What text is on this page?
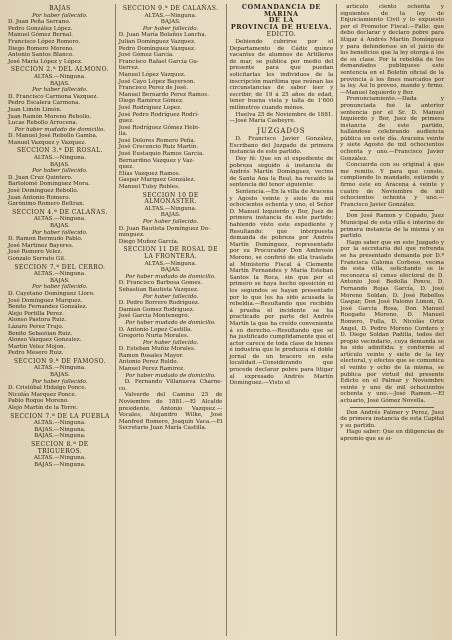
BAJAS
Por haber fallecido.
D. Juan Peña Serrano.
Pedro González López.
Manuel Gómez Bernal.
Francisco López Romero.
Diego Romero Moreno.
Antonio Santos Blanco.
José María López y López.
SECCION 2.ª DEL ALMONO.
ALTAS.—Ninguna.
BAJAS.
Por haber fallecido.
D. Francisco Carmona Vazquez.
Pedro Escalera Carmona.
Juan Limón Limón.
Juan Ramón Moreno Rebollo.
Lucas Rebollo Arrocena.
Por haber mudado de domicilio.
D. Manuel José Rebollo Gamba.
Manuel Vazquez y Vazquez.
SECCION 3.ª DE ROSAL.
ALTAS.—Ninguna.
BAJAS.
Por haber fallecido.
D. Juan Cruz Quintero.
Bartolomé Domínguez Mora.
José Domínguez Rebollo.
Juan Antonio Romero.
Gerónimo Romero Beltran.
SECCION 4.ª DE CALAÑAS.
ALTAS.—Ninguna.
BAJAS.
Por haber fallecido.
D. Ramon Bermudo Pablo.
José Martinez Bayeres.
José Romero Velez.
Gonzalo Serrato Gil.
SECCION 7.ª DEL CERRO.
ALTAS.—Ninguna.
BAJAS.
Por haber fallecido.
D. Cayetano Domínguez Lloro.
José Domínguez Marquez.
Benito Fernandez González.
Alejo Portilla Perez.
Alonso Pastora Ruiz.
Lázaro Perez Trujo.
Benito Sebastian Ruiz.
Alonso Vazquez Gonzalez.
Martin Velez Mojon.
Pedro Mesero Ruiz.
SECCION 9.ª DE FAMOSO.
ALTAS.—Ninguna.
BAJAS.
Por haber fallecido.
D. Cristóbal Hidalgo Ponce.
Nicolás Marquez Ponce.
Pablo Roque Moreno.
Alejo Martín de la Torre.
SECCION 7.ª DE LA PUEBLA
ALTAS.—Ninguna.
BAJAS.—Ninguna.
BAJAS.—Ninguna.
SECCION 8.ª DE TRIGUEROS.
ALTAS.—Ninguna.
BAJAS.—Ninguna.
SECCION 9.ª DE CALAÑAS.
ALTAS.—Ninguna.
BAJAS.
Por haber fallecido.
D. Juan María Bolaños Lancha.
Julian Domínguez Vazquez.
Pedro Domínguez Vazquez.
José Gómez García.
Francisco Rafael García Gu-
tierrez.
Manuel López Vazquez.
José Cayo López Bayerson.
Francisco Perez de José.
Manuel Bernardo Perez Ramos.
Diego Ramírez Gómez.
José Rodríguez Lopez.
José Pedro Rodríguez Rodrí-
guez.
José Rodríguez Gómez Hebi-
lla.
José Dolores Romero Peña.
José Crecencio Ruiz Martín.
José Eustaquio Ramos Garcia.
Bernardino Vazquez y Vaz-
quez.
Elías Vazquez Ramos.
Gaspar Marquez González.
Manuel Tulsy Robles.
SECCION 10 DE ALMONASTER.
ALTAS.—Ninguna.
BAJAS.
Por haber fallecido.
D. Juan Bautista Domínguez Do-
mínguez.
Diego Muñoz García.
SECCION 11 DE ROSAL DE LA FRONTERA.
ALTAS.—Ninguna.
BAJAS.
Por haber mudado de domicilio.
D. Francisco Barbosa Gomes.
Sebastian Bautista Vazquez.
Por haber fallecido.
D. Pedro Borrero Rodríguez.
Damian Gomez Rodríguez.
José Garcia Montenegro.
Por haber mudado de domicilio.
D. Antonio Lopez Castilla.
Gregorio Nuria Morales.
Por haber fallecido.
D. Esteban Muñiz Morales.
Ramon Rosales Mayor.
Antonio Perez Ruldo.
Manuel Perez Ramirez.
Por haber mudado de domicilio.
D. Fernando Villanueva Charne-co.
Valverde del Camino 25 de Noviembre de 1881.—El Alcalde presidente, Antonio Vazquez.—Vocales, Alejandro Wilke, José Manfred Romero, Joaquín Vaca.—El Secretario Juan María Castilla.
COMANDANCIA DE MARINA
DE LA
PROVINCIA DE HUELVA.
EDICTO.
Debiendo cubrirse por el Departamento de Cádiz quince vacantes de alumnos de Artilleros de mar, se publica por medio del presente para que puedan solicitarlas los individuos de la inscripción marítima que reúnan las circunstancias de saber leer y escribir, de 19 á 25 años de edad, tener buena vista y talla de 1'600 milímetros cuando ménos.
Huelva 25 de Noviembre de 1881.—José María Casbeyre.
JUZGADOS
D. Francisco Javier González, Escribano del Juzgado de primera instancia de este partido.
Doy fé: Que en el expediente de pobreza seguido á instancia de Andrés Martín Domínguez, vecino de Santa Ana la Real, ha recaído la sentencia del tenor siguiente:
Sentencia.—En la villa de Aracena y Agosto veinte y siete de mil ochocientos ochenta y uno, el Señor D. Manuel Izquierdo y Bor, Juez de primera instancia de este partido; habiendo visto este expediente y Resultando: que interpuesta demanda de pobreza por Andrés Martín Domínguez, representado por su Procurador Don Ambrosio Moreno, se confirió de ella traslado al Ministerio Fiscal á Clemente Martín Fernandes y Maria Esteban Santos la Roca, sin que por el primero se haya hecho oposición ni los segundos se hayan presentado por lo que les ha sido acusada la rebeldía.—Resultando que recibido á prueba el incidente se ha practicado por parte del Andrés Martín la que ha creído conveniente á su derecho.—Resultando que se ha justificado cumplidamente que el actor carece de toda clase de bienes é industria que le produzca el doble jornal de un bracero en esta localidad.—Considerando que procede declarar pobre para litigar al expresado Andrés Martín Domínguez.—Visto el
artículo ciento ochenta y siguientes de la ley de Enjuiciamiento Civil y lo expuesto por el Promotor Fiscal.—Fallo: que debo declarar y declaro pobre para litigar á Andrés Martín Domínguez y para defendersse en el juicio de los beneficios que la ley otorga á los de su clase. Por la rebeldía de los demandados publiquese este sentencia en el Boletín oficial de la provincia á los fines marcados por la ley. Así lo proveo, mando y firmo.—Manuel Izquierdo y Bor.
Pronunciamiento.—Dada y pronunciada fué la anterior sentencia por el Sr. D. Manuel Izquierdo y Bor, Juez de primera instancia de este partido, hallándose celebrando audiencia pública en este día. Aracena veinte y siete Agosto de mil ochocientos ochenta y uno.—Francisco Javier González.
Concuerda con su original á que me remito. Y para que conste, cumpliendo lo mandado, extiendo y firmo este en Aracena á veinte y cuatro de Noviembre de mil ochocientos ochenta y uno.—Francisco Javier González.
Don José Ramon y Copado, Juez Municipal de esta villa é interino de primera instancia de la misma y su partido.
Hago saber que en este Juzgado y por la secretaría del que refrenda se ha presentado demanda por D.ª Francisca Caloma Corboso, vecina de esta villa, solicitando se le reconozca el censo electoral de D. Antonio José Bedolla Ponce, D. Fernando Rojas García, D. José Moreno Soldan, D. José Rebellos Gaspar, Don José Palomo Limon, D. José Garcia Rosa, Don Manuel Ruegado Moreno, D. Manuel Romero, Pulla, D. Nicolás Ortiz Angel, D. Pedro Moreno Cordero y D. Diego Soldan Padilla, todos del propio vecindario, cuya demanda se ha sido admitida; y conforme al artículo veinte y siete de la ley electoral, y efectos que se comunica el veinte y ocho de la misma, se publica por virtud del presente Edicto en el Palmar y Noviembre veinte y uno de mil ochocientos ochenta y uno.—José Ramon.—El actuario, José Gómez Novella.
Don Andrés Palmer y Perez, Juez de primera instancia de esta Capital y su partido.
Hago saber: Que en diligencias de apremio que se si-
